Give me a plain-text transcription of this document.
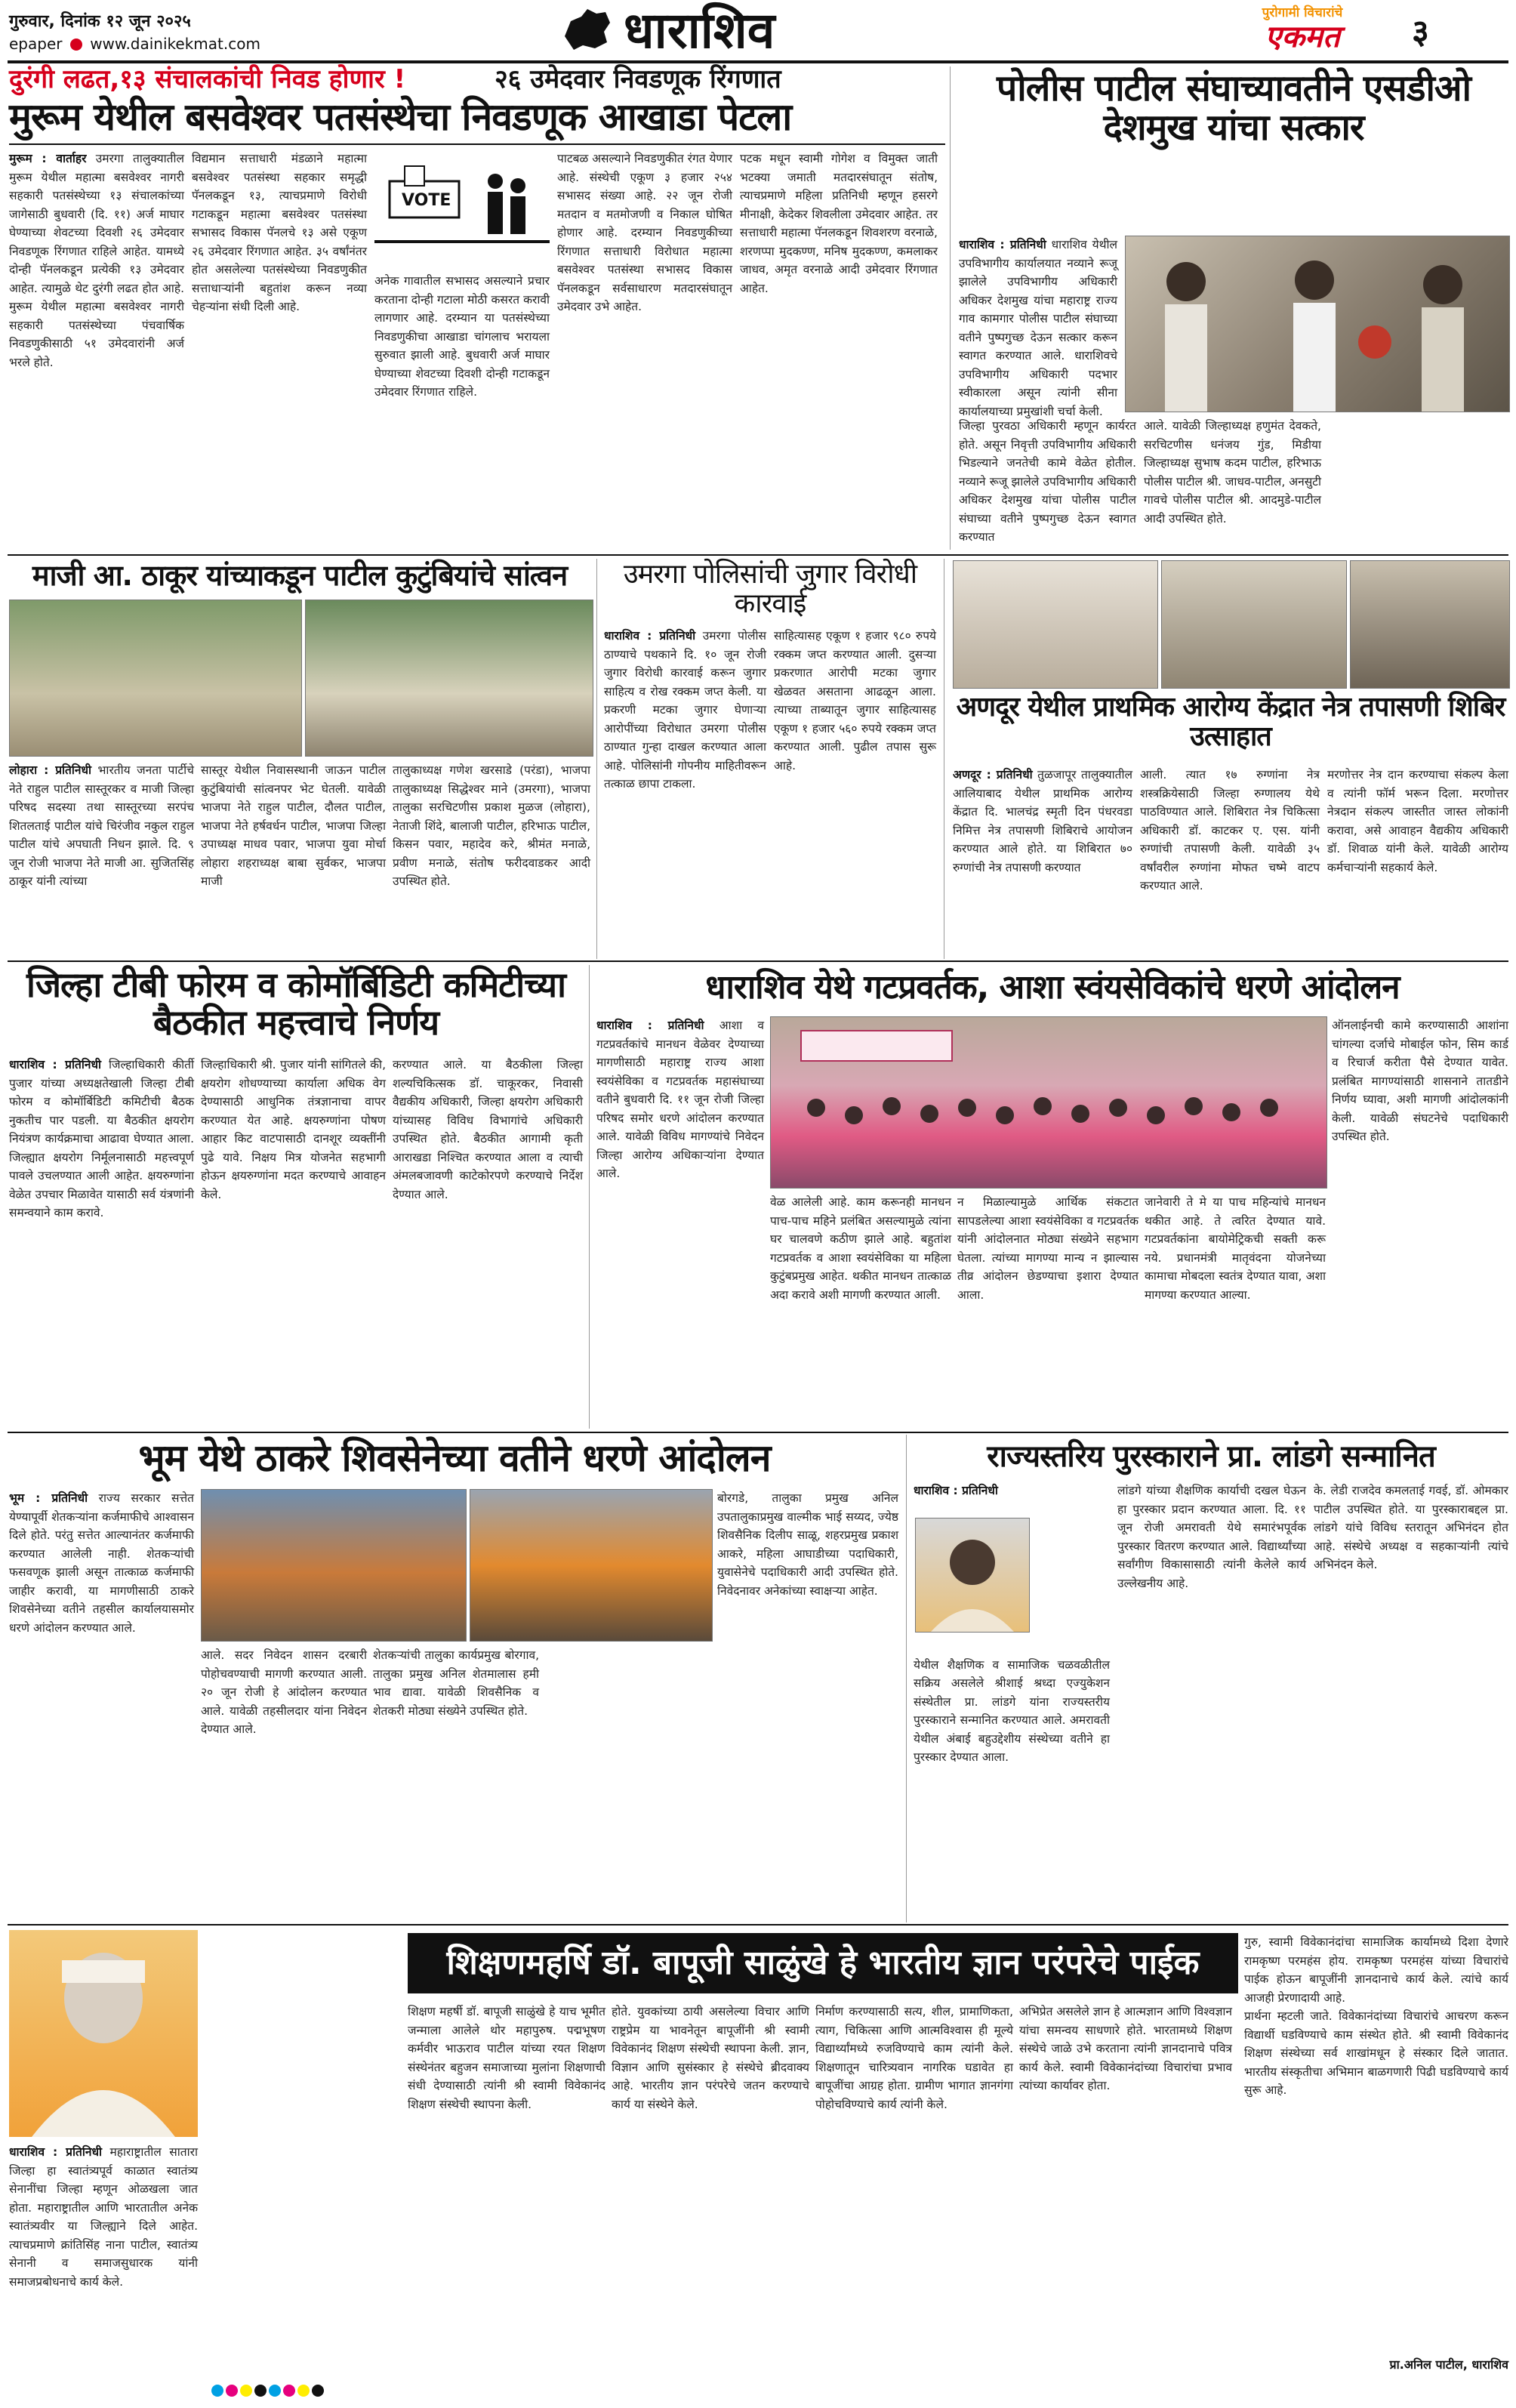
गुरुवार, दिनांक १२ जून २०२५
epaper www.dainikekmat.com	धाराशिव	पुरोगामी विचारांचे
एकमत	३
दुरंगी लढत,१३ संचालकांची निवड होणार !	२६ उमेदवार निवडणूक रिंगणात
मुरूम येथील बसवेश्वर पतसंस्थेचा निवडणूक आखाडा पेटला
मुरूम : वार्ताहर उमरगा तालुक्यातील मुरूम येथील महात्मा बसवेश्वर नागरी सहकारी पतसंस्थेच्या १३ संचालकांच्या जागेसाठी बुधवारी (दि. ११) अर्ज माघार घेण्याच्या शेवटच्या दिवशी २६ उमेदवार निवडणूक रिंगणात राहिले आहेत. यामध्ये दोन्ही पॅनलकडून प्रत्येकी १३ उमेदवार आहेत. त्यामुळे थेट दुरंगी लढत होत आहे. मुरूम येथील महात्मा बसवेश्वर नागरी सहकारी पतसंस्थेच्या पंचवार्षिक निवडणुकीसाठी ५१ उमेदवारांनी अर्ज भरले होते.
विद्यमान सत्ताधारी मंडळाने महात्मा बसवेश्वर पतसंस्था सहकार समृद्धी पॅनलकडून १३, त्याचप्रमाणे विरोधी गटाकडून महात्मा बसवेश्वर पतसंस्था सभासद विकास पॅनलचे १३ असे एकूण २६ उमेदवार रिंगणात आहेत. ३५ वर्षांनंतर होत असलेल्या पतसंस्थेच्या निवडणुकीत सत्ताधाऱ्यांनी बहुतांश करून नव्या चेहऱ्यांना संधी दिली आहे.
VOTE
अनेक गावातील सभासद असल्याने प्रचार करताना दोन्ही गटाला मोठी कसरत करावी लागणार आहे. दरम्यान या पतसंस्थेच्या निवडणुकीचा आखाडा चांगलाच भरायला सुरुवात झाली आहे. बुधवारी अर्ज माघार घेण्याच्या शेवटच्या दिवशी दोन्ही गटाकडून उमेदवार रिंगणात राहिले.
पाटबळ असल्याने निवडणुकीत रंगत येणार आहे. संस्थेची एकूण ३ हजार २५४ सभासद संख्या आहे. २२ जून रोजी मतदान व मतमोजणी व निकाल घोषित होणार आहे. दरम्यान निवडणुकीच्या रिंगणात सत्ताधारी विरोधात महात्मा बसवेश्वर पतसंस्था सभासद विकास पॅनलकडून सर्वसाधारण मतदारसंघातून उमेदवार उभे आहेत.
पटक मधून स्वामी गोगेश व विमुक्त जाती भटक्या जमाती मतदारसंघातून संतोष, त्याचप्रमाणे महिला प्रतिनिधी म्हणून हसरगे मीनाक्षी, केदेकर शिवलीला उमेदवार आहेत. तर सत्ताधारी महात्मा पॅनलकडून शिवशरण वरनाळे, शरणप्पा मुदकण्ण, मनिष मुदकण्ण, कमलाकर जाधव, अमृत वरनाळे आदी उमेदवार रिंगणात आहेत.
पोलीस पाटील संघाच्यावतीने एसडीओ देशमुख यांचा सत्कार
धाराशिव : प्रतिनिधी धाराशिव येथील उपविभागीय कार्यालयात नव्याने रूजू झालेले उपविभागीय अधिकारी अधिकर देशमुख यांचा महाराष्ट्र राज्य गाव कामगार पोलीस पाटील संघाच्या वतीने पुष्पगुच्छ देऊन सत्कार करून स्वागत करण्यात आले. धाराशिवचे उपविभागीय अधिकारी पदभार स्वीकारला असून त्यांनी सीना कार्यालयाच्या प्रमुखांशी चर्चा केली.
जिल्हा पुरवठा अधिकारी म्हणून कार्यरत होते. असून निवृत्ती उपविभागीय अधिकारी भिडल्याने जनतेची कामे वेळेत होतील. नव्याने रूजू झालेले उपविभागीय अधिकारी अधिकर देशमुख यांचा पोलीस पाटील संघाच्या वतीने पुष्पगुच्छ देऊन स्वागत करण्यात
आले. यावेळी जिल्हाध्यक्ष हणुमंत देवकते, सरचिटणीस धनंजय गुंड, मिडीया जिल्हाध्यक्ष सुभाष कदम पाटील, हरिभाऊ पोलीस पाटील श्री. जाधव-पाटील, अनसुटी गावचे पोलीस पाटील श्री. आदमुडे-पाटील आदी उपस्थित होते.
माजी आ. ठाकूर यांच्याकडून पाटील कुटुंबियांचे सांत्वन
लोहारा : प्रतिनिधी भारतीय जनता पार्टीचे नेते राहुल पाटील सास्तूरकर व माजी जिल्हा परिषद सदस्या तथा सास्तूरच्या सरपंच शितलताई पाटील यांचे चिरंजीव नकुल राहुल पाटील यांचे अपघाती निधन झाले. दि. ९ जून रोजी भाजपा नेते माजी आ. सुजितसिंह ठाकूर यांनी त्यांच्या
सास्तूर येथील निवासस्थानी जाऊन पाटील कुटुंबियांची सांत्वनपर भेट घेतली. यावेळी भाजपा नेते राहुल पाटील, दौलत पाटील, भाजपा नेते हर्षवर्धन पाटील, भाजपा जिल्हा उपाध्यक्ष माधव पवार, भाजपा युवा मोर्चा लोहारा शहराध्यक्ष बाबा सुर्वकर, भाजपा माजी
तालुकाध्यक्ष गणेश खरसाडे (परंडा), भाजपा तालुकाध्यक्ष सिद्धेश्वर माने (उमरगा), भाजपा तालुका सरचिटणीस प्रकाश मुळज (लोहारा), नेताजी शिंदे, बालाजी पाटील, हरिभाऊ पाटील, किसन पवार, महादेव करे, श्रीमंत मनाळे, प्रवीण मनाळे, संतोष फरीदवाडकर आदी उपस्थित होते.
उमरगा पोलिसांची जुगार विरोधी कारवाई
धाराशिव : प्रतिनिधी उमरगा पोलीस ठाण्याचे पथकाने दि. १० जून रोजी जुगार विरोधी कारवाई करून जुगार साहित्य व रोख रक्कम जप्त केली. या प्रकरणी मटका जुगार घेणाऱ्या आरोपींच्या विरोधात उमरगा पोलीस ठाण्यात गुन्हा दाखल करण्यात आला आहे. पोलिसांनी गोपनीय माहितीवरून तत्काळ छापा टाकला.
साहित्यासह एकूण १ हजार ९८० रुपये रक्कम जप्त करण्यात आली. दुसऱ्या प्रकरणात आरोपी मटका जुगार खेळवत असताना आढळून आला. त्याच्या ताब्यातून जुगार साहित्यासह एकूण १ हजार ५६० रुपये रक्कम जप्त करण्यात आली. पुढील तपास सुरू आहे.
अणदूर येथील प्राथमिक आरोग्य केंद्रात नेत्र तपासणी शिबिर उत्साहात
अणदूर : प्रतिनिधी तुळजापूर तालुक्यातील आलियाबाद येथील प्राथमिक आरोग्य केंद्रात दि. भालचंद्र स्मृती दिन पंधरवडा निमित्त नेत्र तपासणी शिबिराचे आयोजन करण्यात आले होते. या शिबिरात ७० रुग्णांची नेत्र तपासणी करण्यात
आली. त्यात १७ रुग्णांना नेत्र शस्त्रक्रियेसाठी जिल्हा रुग्णालय येथे पाठविण्यात आले. शिबिरात नेत्र चिकित्सा अधिकारी डॉ. काटकर ए. एस. यांनी रुग्णांची तपासणी केली. यावेळी ३५ वर्षांवरील रुग्णांना मोफत चष्मे वाटप करण्यात आले.
मरणोत्तर नेत्र दान करण्याचा संकल्प केला व त्यांनी फॉर्म भरून दिला. मरणोत्तर नेत्रदान संकल्प जास्तीत जास्त लोकांनी करावा, असे आवाहन वैद्यकीय अधिकारी डॉ. शिवाळ यांनी केले. यावेळी आरोग्य कर्मचाऱ्यांनी सहकार्य केले.
जिल्हा टीबी फोरम व कोमॉर्बिडिटी कमिटीच्या बैठकीत महत्त्वाचे निर्णय
धाराशिव : प्रतिनिधी जिल्हाधिकारी कीर्ती पुजार यांच्या अध्यक्षतेखाली जिल्हा टीबी फोरम व कोमॉर्बिडिटी कमिटीची बैठक नुकतीच पार पडली. या बैठकीत क्षयरोग नियंत्रण कार्यक्रमाचा आढावा घेण्यात आला. जिल्ह्यात क्षयरोग निर्मूलनासाठी महत्त्वपूर्ण पावले उचलण्यात आली आहेत. क्षयरुग्णांना वेळेत उपचार मिळावेत यासाठी सर्व यंत्रणांनी समन्वयाने काम करावे.
जिल्हाधिकारी श्री. पुजार यांनी सांगितले की, क्षयरोग शोधण्याच्या कार्याला अधिक वेग देण्यासाठी आधुनिक तंत्रज्ञानाचा वापर करण्यात येत आहे. क्षयरुग्णांना पोषण आहार किट वाटपासाठी दानशूर व्यक्तींनी पुढे यावे. निक्षय मित्र योजनेत सहभागी होऊन क्षयरुग्णांना मदत करण्याचे आवाहन केले.
करण्यात आले. या बैठकीला जिल्हा शल्यचिकित्सक डॉ. चाकूरकर, निवासी वैद्यकीय अधिकारी, जिल्हा क्षयरोग अधिकारी यांच्यासह विविध विभागांचे अधिकारी उपस्थित होते. बैठकीत आगामी कृती आराखडा निश्चित करण्यात आला व त्याची अंमलबजावणी काटेकोरपणे करण्याचे निर्देश देण्यात आले.
धाराशिव येथे गटप्रवर्तक, आशा स्वंयसेविकांचे धरणे आंदोलन
धाराशिव : प्रतिनिधी आशा व गटप्रवर्तकांचे मानधन वेळेवर देण्याच्या मागणीसाठी महाराष्ट्र राज्य आशा स्वयंसेविका व गटप्रवर्तक महासंघाच्या वतीने बुधवारी दि. ११ जून रोजी जिल्हा परिषद समोर धरणे आंदोलन करण्यात आले. यावेळी विविध मागण्यांचे निवेदन जिल्हा आरोग्य अधिकाऱ्यांना देण्यात आले.
ऑनलाईनची कामे करण्यासाठी आशांना चांगल्या दर्जाचे मोबाईल फोन, सिम कार्ड व रिचार्ज करीता पैसे देण्यात यावेत. प्रलंबित मागण्यांसाठी शासनाने तातडीने निर्णय घ्यावा, अशी मागणी आंदोलकांनी केली. यावेळी संघटनेचे पदाधिकारी उपस्थित होते.
वेळ आलेली आहे. काम करूनही मानधन पाच-पाच महिने प्रलंबित असल्यामुळे त्यांना घर चालवणे कठीण झाले आहे. बहुतांश गटप्रवर्तक व आशा स्वयंसेविका या महिला कुटुंबप्रमुख आहेत. थकीत मानधन तात्काळ अदा करावे अशी मागणी करण्यात आली.
न मिळाल्यामुळे आर्थिक संकटात सापडलेल्या आशा स्वयंसेविका व गटप्रवर्तक यांनी आंदोलनात मोठ्या संख्येने सहभाग घेतला. त्यांच्या मागण्या मान्य न झाल्यास तीव्र आंदोलन छेडण्याचा इशारा देण्यात आला.
जानेवारी ते मे या पाच महिन्यांचे मानधन थकीत आहे. ते त्वरित देण्यात यावे. गटप्रवर्तकांना बायोमेट्रिकची सक्ती करू नये. प्रधानमंत्री मातृवंदना योजनेच्या कामाचा मोबदला स्वतंत्र देण्यात यावा, अशा मागण्या करण्यात आल्या.
भूम येथे ठाकरे शिवसेनेच्या वतीने धरणे आंदोलन
भूम : प्रतिनिधी राज्य सरकार सत्तेत येण्यापूर्वी शेतकऱ्यांना कर्जमाफीचे आश्वासन दिले होते. परंतु सत्तेत आल्यानंतर कर्जमाफी करण्यात आलेली नाही. शेतकऱ्यांची फसवणूक झाली असून तात्काळ कर्जमाफी जाहीर करावी, या मागणीसाठी ठाकरे शिवसेनेच्या वतीने तहसील कार्यालयासमोर धरणे आंदोलन करण्यात आले.
आले. सदर निवेदन शासन दरबारी पोहोचवण्याची मागणी करण्यात आली. २० जून रोजी हे आंदोलन करण्यात आले. यावेळी तहसीलदार यांना निवेदन देण्यात आले.
शेतकऱ्यांची तालुका कार्यप्रमुख बोरगाव, तालुका प्रमुख अनिल शेतमालास हमी भाव द्यावा. यावेळी शिवसैनिक व शेतकरी मोठ्या संख्येने उपस्थित होते.
बोरगडे, तालुका प्रमुख अनिल उपतालुकाप्रमुख वाल्मीक भाई सय्यद, ज्येष्ठ शिवसैनिक दिलीप साळू, शहरप्रमुख प्रकाश आकरे, महिला आघाडीच्या पदाधिकारी, युवासेनेचे पदाधिकारी आदी उपस्थित होते. निवेदनावर अनेकांच्या स्वाक्षऱ्या आहेत.
राज्यस्तरिय पुरस्काराने प्रा. लांडगे सन्मानित
धाराशिव : प्रतिनिधी
येथील शैक्षणिक व सामाजिक चळवळीतील सक्रिय असलेले श्रीशाई श्रध्दा एज्युकेशन संस्थेतील प्रा. लांडगे यांना राज्यस्तरीय पुरस्काराने सन्मानित करण्यात आले. अमरावती येथील अंबाई बहुउद्देशीय संस्थेच्या वतीने हा पुरस्कार देण्यात आला.
लांडगे यांच्या शैक्षणिक कार्याची दखल घेऊन हा पुरस्कार प्रदान करण्यात आला. दि. ११ जून रोजी अमरावती येथे समारंभपूर्वक पुरस्कार वितरण करण्यात आले. विद्यार्थ्यांच्या सर्वांगीण विकासासाठी त्यांनी केलेले कार्य उल्लेखनीय आहे.
के. लेडी राजदेव कमलताई गवई, डॉ. ओमकार पाटील उपस्थित होते. या पुरस्काराबद्दल प्रा. लांडगे यांचे विविध स्तरातून अभिनंदन होत आहे. संस्थेचे अध्यक्ष व सहकाऱ्यांनी त्यांचे अभिनंदन केले.
शिक्षणमहर्षि डॉ. बापूजी साळुंखे हे भारतीय ज्ञान परंपरेचे पाईक
धाराशिव : प्रतिनिधी महाराष्ट्रातील सातारा जिल्हा हा स्वातंत्र्यपूर्व काळात स्वातंत्र्य सेनानींचा जिल्हा म्हणून ओळखला जात होता. महाराष्ट्रातील आणि भारतातील अनेक स्वातंत्र्यवीर या जिल्ह्याने दिले आहेत. त्याचप्रमाणे क्रांतिसिंह नाना पाटील, स्वातंत्र्य सेनानी व समाजसुधारक यांनी समाजप्रबोधनाचे कार्य केले.
शिक्षण महर्षी डॉ. बापूजी साळुंखे हे याच भूमीत जन्माला आलेले थोर महापुरुष. पद्मभूषण कर्मवीर भाऊराव पाटील यांच्या रयत शिक्षण संस्थेनंतर बहुजन समाजाच्या मुलांना शिक्षणाची संधी देण्यासाठी त्यांनी श्री स्वामी विवेकानंद शिक्षण संस्थेची स्थापना केली.
होते. युवकांच्या ठायी असलेल्या विचार आणि राष्ट्रप्रेम या भावनेतून बापूजींनी श्री स्वामी विवेकानंद शिक्षण संस्थेची स्थापना केली. ज्ञान, विज्ञान आणि सुसंस्कार हे संस्थेचे ब्रीदवाक्य आहे. भारतीय ज्ञान परंपरेचे जतन करण्याचे कार्य या संस्थेने केले.
निर्माण करण्यासाठी सत्य, शील, प्रामाणिकता, त्याग, चिकित्सा आणि आत्मविश्वास ही मूल्ये विद्यार्थ्यांमध्ये रुजविण्याचे काम त्यांनी केले. शिक्षणातून चारित्र्यवान नागरिक घडावेत हा बापूजींचा आग्रह होता. ग्रामीण भागात ज्ञानगंगा पोहोचविण्याचे कार्य त्यांनी केले.
अभिप्रेत असलेले ज्ञान हे आत्मज्ञान आणि विश्वज्ञान यांचा समन्वय साधणारे होते. भारतामध्ये शिक्षण संस्थेचे जाळे उभे करताना त्यांनी ज्ञानदानाचे पवित्र कार्य केले. स्वामी विवेकानंदांच्या विचारांचा प्रभाव त्यांच्या कार्यावर होता.
गुरु, स्वामी विवेकानंदांचा सामाजिक कार्यामध्ये दिशा देणारे रामकृष्ण परमहंस होय. रामकृष्ण परमहंस यांच्या विचारांचे पाईक होऊन बापूजींनी ज्ञानदानाचे कार्य केले. त्यांचे कार्य आजही प्रेरणादायी आहे.
प्रार्थना म्हटली जाते. विवेकानंदांच्या विचारांचे आचरण करून विद्यार्थी घडविण्याचे काम संस्थेत होते. श्री स्वामी विवेकानंद शिक्षण संस्थेच्या सर्व शाखांमधून हे संस्कार दिले जातात. भारतीय संस्कृतीचा अभिमान बाळगणारी पिढी घडविण्याचे कार्य सुरू आहे.
प्रा.अनिल पाटील, धाराशिव
